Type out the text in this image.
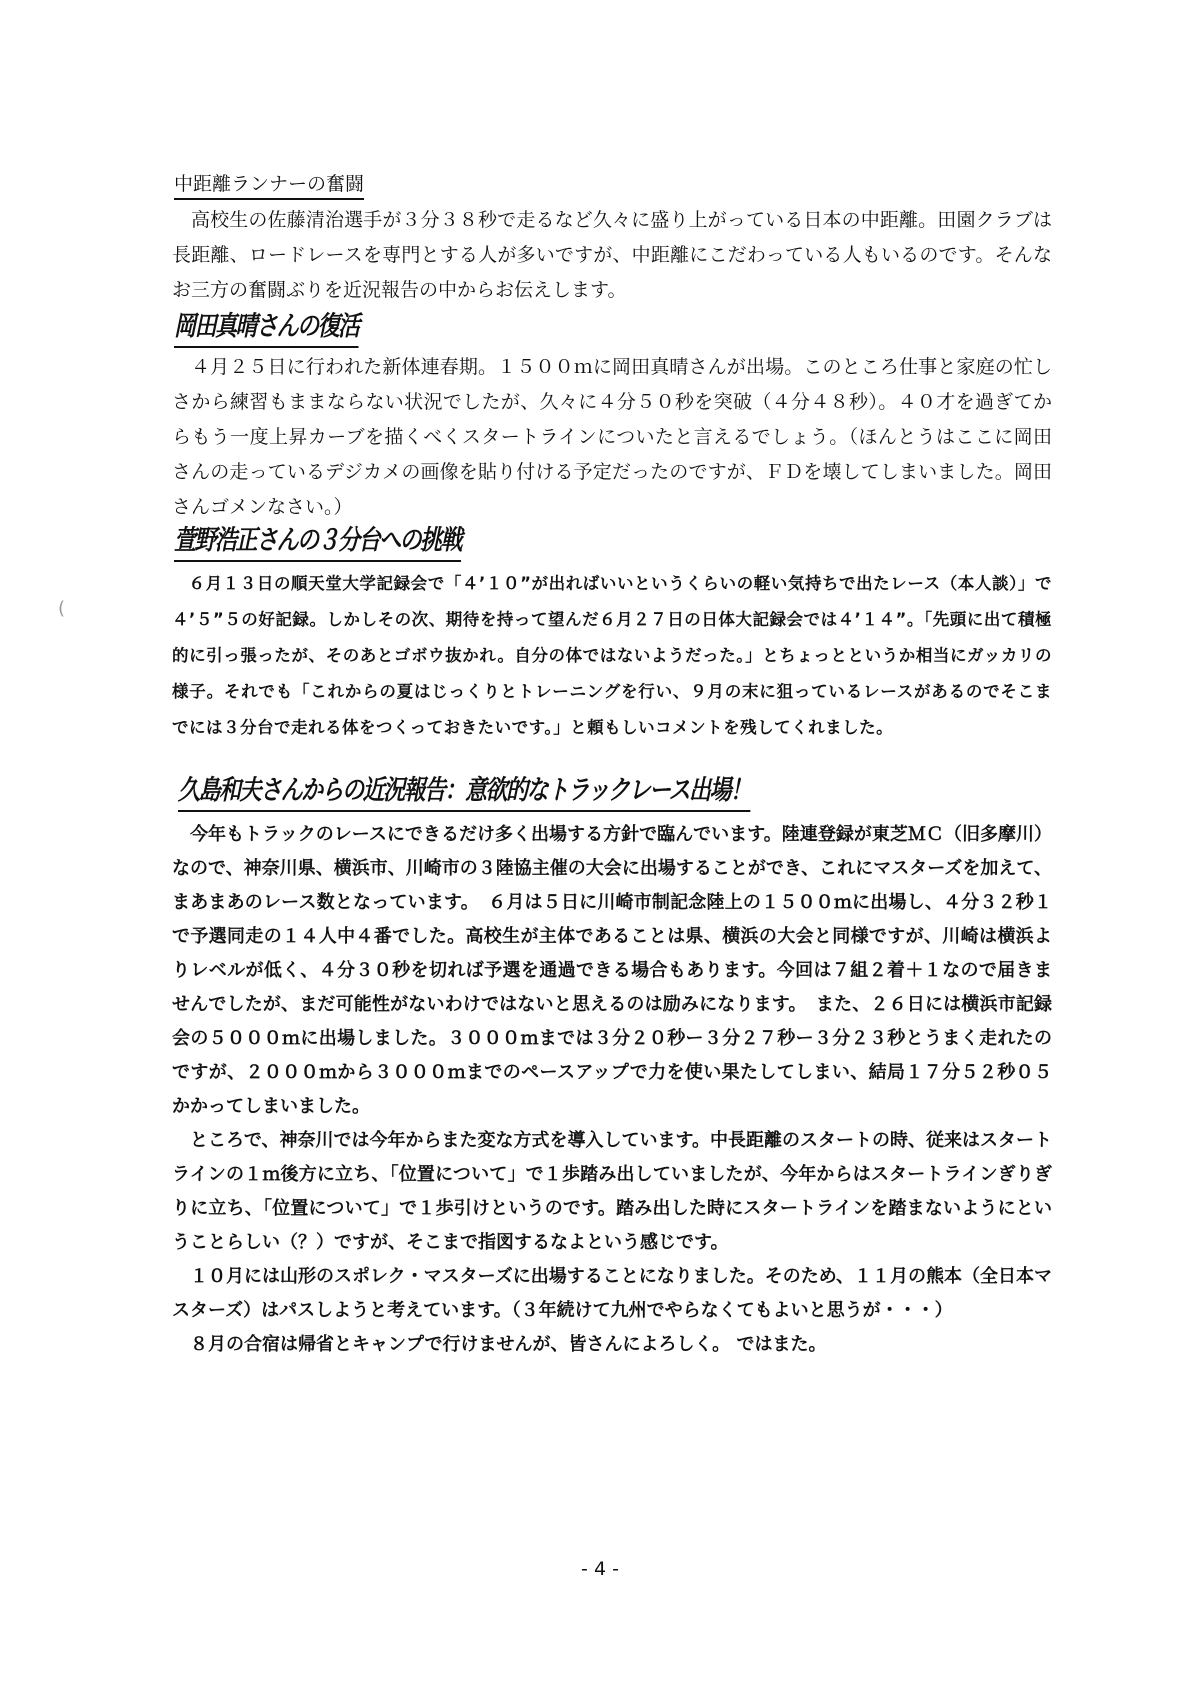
中距離ランナーの奮闘

高校生の佐藤清治選手が３分３８秒で走るなど久々に盛り上がっている日本の中距離。田園クラブは長距離、ロードレースを専門とする人が多いですが、中距離にこだわっている人もいるのです。そんなお三方の奮闘ぶりを近況報告の中からお伝えします。

岡田真晴さんの復活

４月２５日に行われた新体連春期。１５００ｍに岡田真晴さんが出場。このところ仕事と家庭の忙しさから練習もままならない状況でしたが、久々に４分５０秒を突破（４分４８秒）。４０才を過ぎてからもう一度上昇カーブを描くべくスタートラインについたと言えるでしょう。（ほんとうはここに岡田さんの走っているデジカメの画像を貼り付ける予定だったのですが、ＦＤを壊してしまいました。岡田さんゴメンなさい。）

萱野浩正さんの３分台への挑戦

６月１３日の順天堂大学記録会で「４’１０”が出ればいいというくらいの軽い気持ちで出たレース（本人談）」で４’５”５の好記録。しかしその次、期待を持って望んだ６月２７日の日体大記録会では４’１４”。「先頭に出て積極的に引っ張ったが、そのあとゴボウ抜かれ。自分の体ではないようだった。」とちょっとというか相当にガッカリの様子。それでも「これからの夏はじっくりとトレーニングを行い、９月の末に狙っているレースがあるのでそこまでには３分台で走れる体をつくっておきたいです。」と頼もしいコメントを残してくれました。

久島和夫さんからの近況報告：意欲的なトラックレース出場！

今年もトラックのレースにできるだけ多く出場する方針で臨んでいます。陸連登録が東芝ＭＣ（旧多摩川）なので、神奈川県、横浜市、川崎市の３陸協主催の大会に出場することができ、これにマスターズを加えて、まあまあのレース数となっています。　６月は５日に川崎市制記念陸上の１５００ｍに出場し、４分３２秒１で予選同走の１４人中４番でした。高校生が主体であることは県、横浜の大会と同様ですが、川崎は横浜よりレベルが低く、４分３０秒を切れば予選を通過できる場合もあります。今回は７組２着＋１なので届きませんでしたが、まだ可能性がないわけではないと思えるのは励みになります。　また、２６日には横浜市記録会の５０００ｍに出場しました。３０００ｍまでは３分２０秒ー３分２７秒ー３分２３秒とうまく走れたのですが、２０００ｍから３０００ｍまでのペースアップで力を使い果たしてしまい、結局１７分５２秒０５かかってしまいました。

ところで、神奈川では今年からまた変な方式を導入しています。中長距離のスタートの時、従来はスタートラインの１ｍ後方に立ち、「位置について」で１歩踏み出していましたが、今年からはスタートラインぎりぎりに立ち、「位置について」で１歩引けというのです。踏み出した時にスタートラインを踏まないようにということらしい（？）ですが、そこまで指図するなよという感じです。

１０月には山形のスポレク・マスターズに出場することになりました。そのため、１１月の熊本（全日本マスターズ）はパスしようと考えています。（３年続けて九州でやらなくてもよいと思うが・・・）

８月の合宿は帰省とキャンプで行けませんが、皆さんによろしく。 ではまた。

- 4 -
(
